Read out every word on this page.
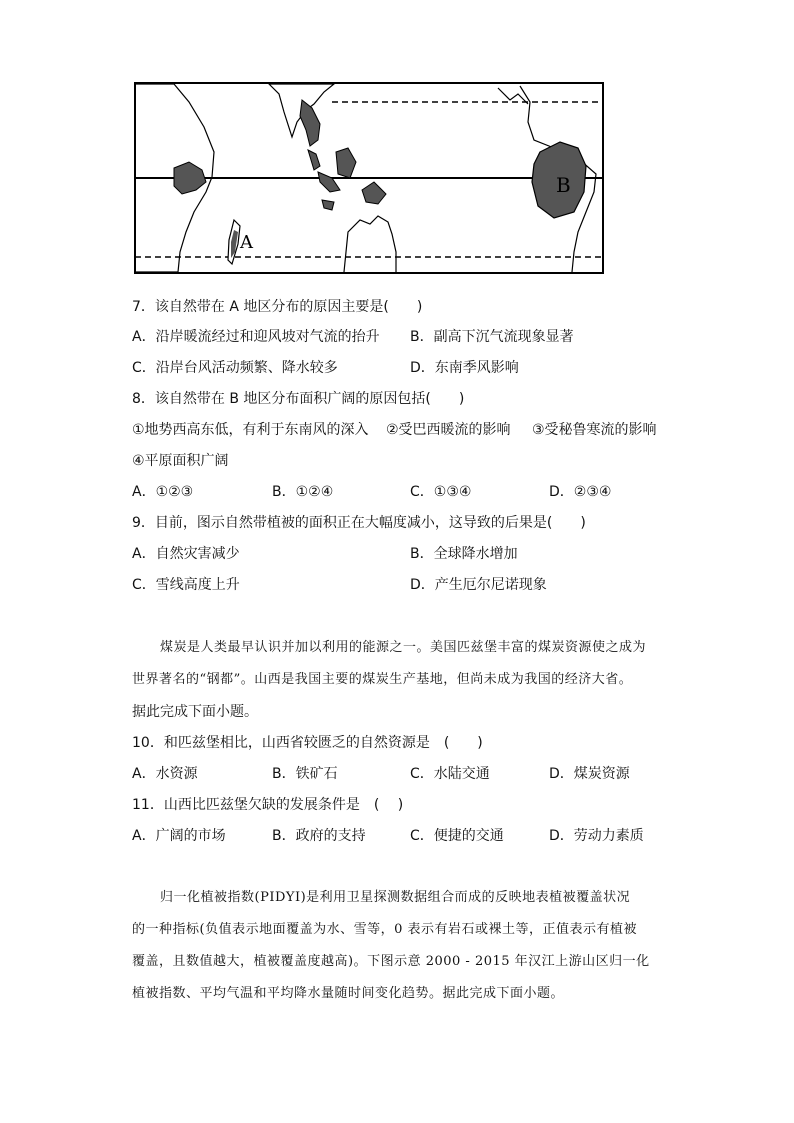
A
B
7．该自然带在 A 地区分布的原因主要是(　　)
A．沿岸暖流经过和迎风坡对气流的抬升 B．副高下沉气流现象显著
C．沿岸台风活动频繁、降水较多	D．东南季风影响
8．该自然带在 B 地区分布面积广阔的原因包括(　　)
①地势西高东低，有利于东南风的深入 ②受巴西暖流的影响 ③受秘鲁寒流的影响
④平原面积广阔
A．①②③	B．①②④	C．①③④	D．②③④
9．目前，图示自然带植被的面积正在大幅度减小，这导致的后果是(　　)
A．自然灾害减少	B．全球降水增加
C．雪线高度上升	D．产生厄尔尼诺现象
煤炭是人类最早认识并加以利用的能源之一。美国匹兹堡丰富的煤炭资源使之成为
世界著名的“钢都”。山西是我国主要的煤炭生产基地，但尚未成为我国的经济大省。
据此完成下面小题。
10．和匹兹堡相比，山西省较匮乏的自然资源是　(　　)
A．水资源	B．铁矿石	C．水陆交通	D．煤炭资源
11．山西比匹兹堡欠缺的发展条件是　(　 )
A．广阔的市场	B．政府的支持	C．便捷的交通	D．劳动力素质
归一化植被指数(PIDYI)是利用卫星探测数据组合而成的反映地表植被覆盖状况
的一种指标(负值表示地面覆盖为水、雪等，0 表示有岩石或裸土等，正值表示有植被
覆盖，且数值越大，植被覆盖度越高)。下图示意 2000 - 2015 年汉江上游山区归一化
植被指数、平均气温和平均降水量随时间变化趋势。据此完成下面小题。
